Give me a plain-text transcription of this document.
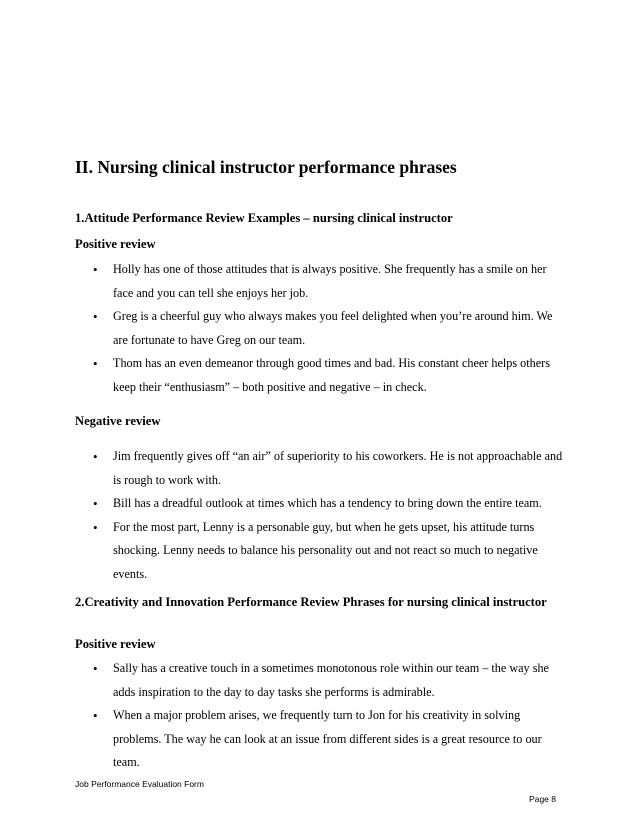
II. Nursing clinical instructor performance phrases
1.Attitude Performance Review Examples – nursing clinical instructor
Positive review
• Holly has one of those attitudes that is always positive. She frequently has a smile on her face and you can tell she enjoys her job.
• Greg is a cheerful guy who always makes you feel delighted when you’re around him. We are fortunate to have Greg on our team.
• Thom has an even demeanor through good times and bad. His constant cheer helps others keep their “enthusiasm” – both positive and negative – in check.
Negative review
• Jim frequently gives off “an air” of superiority to his coworkers. He is not approachable and is rough to work with.
• Bill has a dreadful outlook at times which has a tendency to bring down the entire team.
• For the most part, Lenny is a personable guy, but when he gets upset, his attitude turns shocking. Lenny needs to balance his personality out and not react so much to negative events.
2.Creativity and Innovation Performance Review Phrases for nursing clinical instructor
Positive review
• Sally has a creative touch in a sometimes monotonous role within our team – the way she adds inspiration to the day to day tasks she performs is admirable.
• When a major problem arises, we frequently turn to Jon for his creativity in solving problems. The way he can look at an issue from different sides is a great resource to our team.
Job Performance Evaluation Form
Page 8
